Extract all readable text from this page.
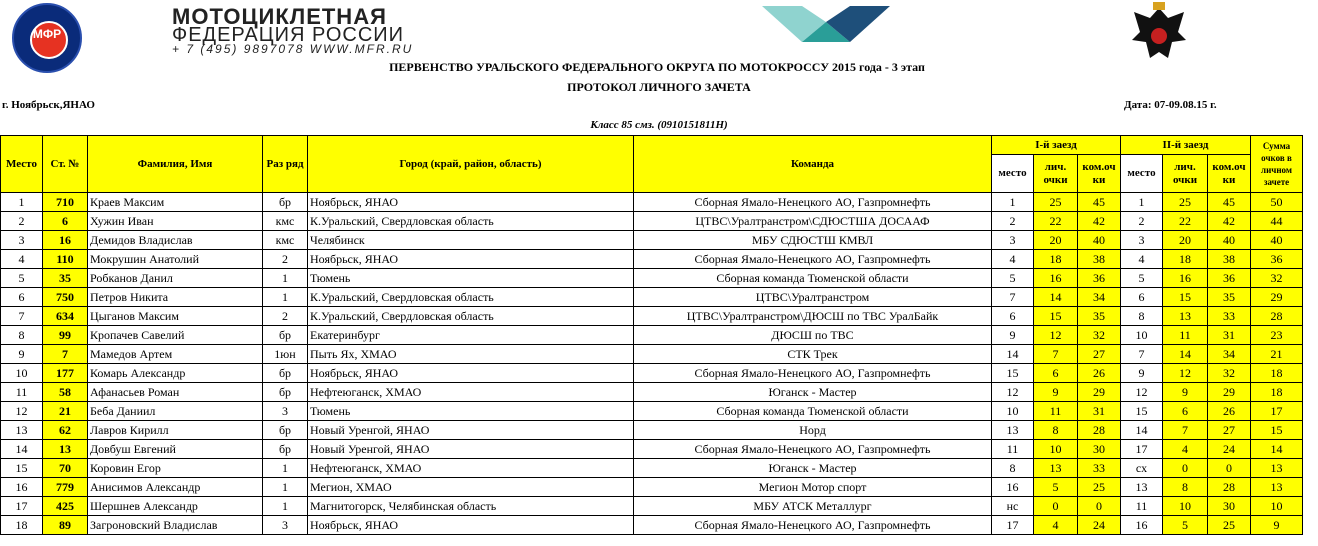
МФР
МОТОЦИКЛЕТНАЯ
ФЕДЕРАЦИЯ РОССИИ
+ 7 (495) 9897078 WWW.MFR.RU
ПЕРВЕНСТВО УРАЛЬСКОГО ФЕДЕРАЛЬНОГО ОКРУГА ПО МОТОКРОССУ 2015 года - 3 этап
ПРОТОКОЛ ЛИЧНОГО ЗАЧЕТА
г. Ноябрьск,ЯНАО	Дата: 07-09.08.15 г.
Класс 85 смз. (0910151811Н)
Место	Ст. №	Фамилия, Имя	Раз ряд	Город (край, район, область)	Команда	I-й заезд			II-й заезд			Сумма очков в личном зачете
						место	лич. очки	ком.оч ки	место	лич. очки	ком.оч ки	
1	710	Краев Максим	бр	Ноябрьск, ЯНАО	Сборная Ямало-Ненецкого АО, Газпромнефть	1	25	45	1	25	45	50
2	6	Хужин Иван	кмс	К.Уральский, Свердловская область	ЦТВС\Уралтранстром\СДЮСТША ДОСААФ	2	22	42	2	22	42	44
3	16	Демидов Владислав	кмс	Челябинск	МБУ СДЮСТШ КМВЛ	3	20	40	3	20	40	40
4	110	Мокрушин Анатолий	2	Ноябрьск, ЯНАО	Сборная Ямало-Ненецкого АО, Газпромнефть	4	18	38	4	18	38	36
5	35	Робканов Данил	1	Тюмень	Сборная команда Тюменской области	5	16	36	5	16	36	32
6	750	Петров Никита	1	К.Уральский, Свердловская область	ЦТВС\Уралтранстром	7	14	34	6	15	35	29
7	634	Цыганов Максим	2	К.Уральский, Свердловская область	ЦТВС\Уралтранстром\ДЮСШ по ТВС УралБайк	6	15	35	8	13	33	28
8	99	Кропачев Савелий	бр	Екатеринбург	ДЮСШ по ТВС	9	12	32	10	11	31	23
9	7	Мамедов Артем	1юн	Пыть Ях, ХМАО	СТК Трек	14	7	27	7	14	34	21
10	177	Комарь Александр	бр	Ноябрьск, ЯНАО	Сборная Ямало-Ненецкого АО, Газпромнефть	15	6	26	9	12	32	18
11	58	Афанасьев Роман	бр	Нефтеюганск, ХМАО	Юганск - Мастер	12	9	29	12	9	29	18
12	21	Беба Даниил	3	Тюмень	Сборная команда Тюменской области	10	11	31	15	6	26	17
13	62	Лавров Кирилл	бр	Новый Уренгой, ЯНАО	Норд	13	8	28	14	7	27	15
14	13	Довбуш Евгений	бр	Новый Уренгой, ЯНАО	Сборная Ямало-Ненецкого АО, Газпромнефть	11	10	30	17	4	24	14
15	70	Коровин Егор	1	Нефтеюганск, ХМАО	Юганск - Мастер	8	13	33	сх	0	0	13
16	779	Анисимов Александр	1	Мегион, ХМАО	Мегион Мотор спорт	16	5	25	13	8	28	13
17	425	Шершнев Александр	1	Магнитогорск, Челябинская область	МБУ АТСК Металлург	нс	0	0	11	10	30	10
18	89	Загроновский Владислав	3	Ноябрьск, ЯНАО	Сборная Ямало-Ненецкого АО, Газпромнефть	17	4	24	16	5	25	9
